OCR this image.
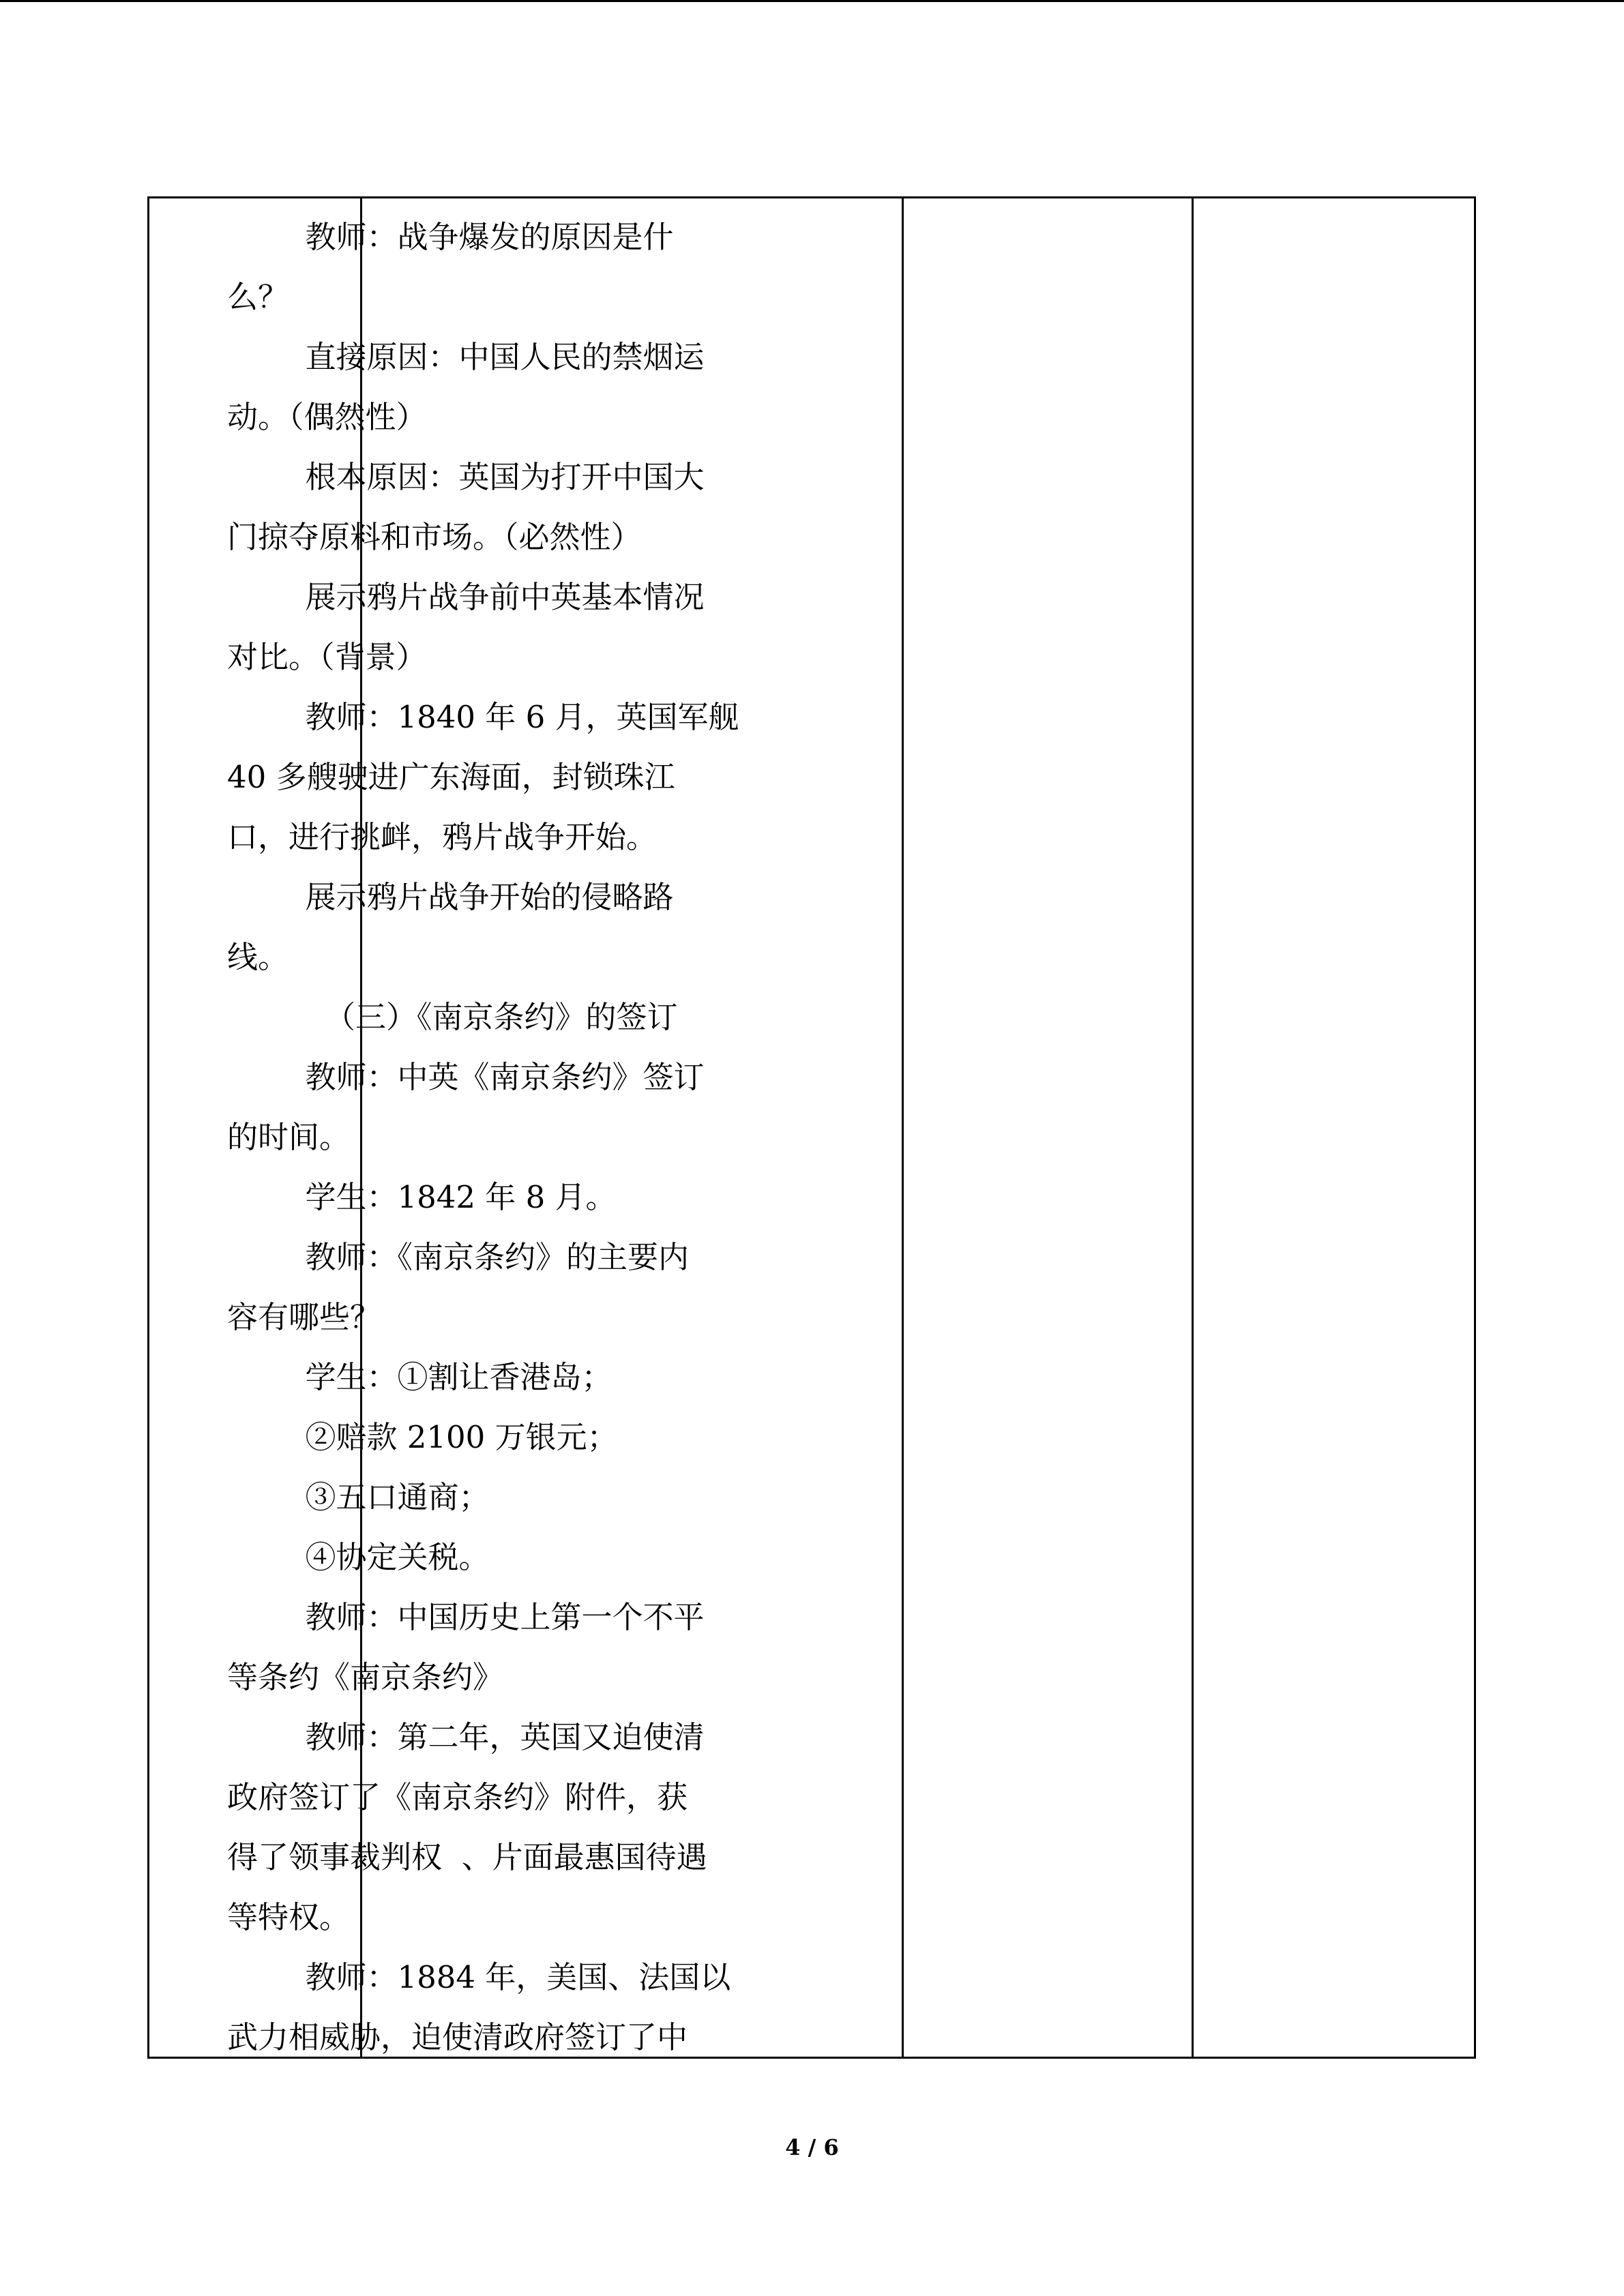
教师：战争爆发的原因是什

么？

直接原因：中国人民的禁烟运

动。（偶然性）

根本原因：英国为打开中国大

门掠夺原料和市场。（必然性）

展示鸦片战争前中英基本情况

对比。（背景）

教师：1840 年 6 月，英国军舰

40 多艘驶进广东海面，封锁珠江

口，进行挑衅，鸦片战争开始。

展示鸦片战争开始的侵略路

线。

（三）《南京条约》的签订

教师：中英《南京条约》签订

的时间。

学生：1842 年 8 月。

教师：《南京条约》的主要内

容有哪些？

学生：①割让香港岛；

②赔款 2100 万银元；

③五口通商；

④协定关税。

教师：中国历史上第一个不平

等条约《南京条约》

教师：第二年，英国又迫使清

政府签订了《南京条约》附件，获

得了领事裁判权  、片面最惠国待遇

等特权。

教师：1884 年，美国、法国以

武力相威胁，迫使清政府签订了中

4 / 6
